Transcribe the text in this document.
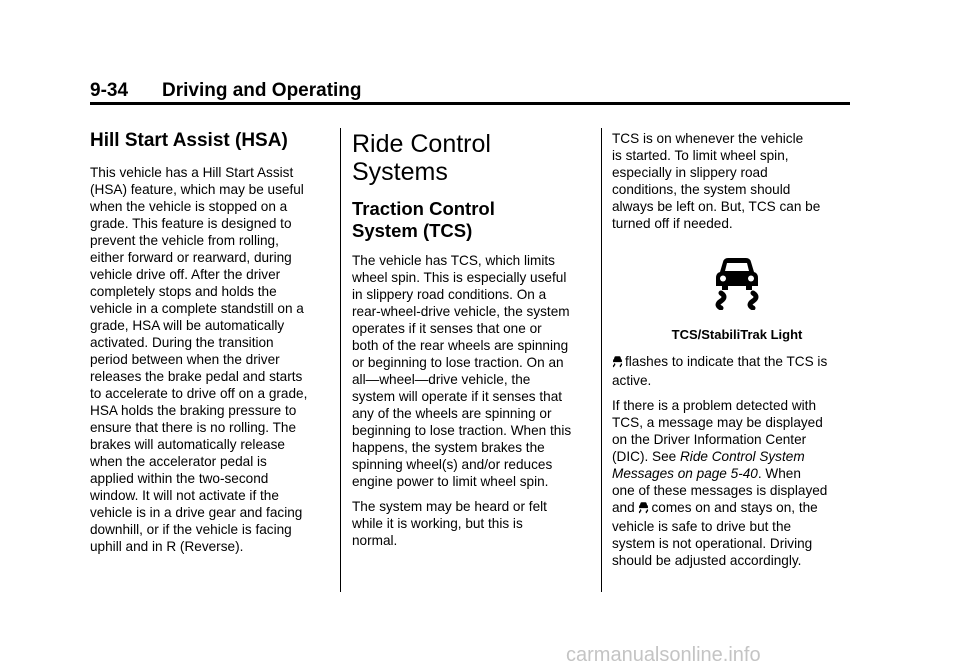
9-34 Driving and Operating
Hill Start Assist (HSA)

This vehicle has a Hill Start Assist
(HSA) feature, which may be useful
when the vehicle is stopped on a
grade. This feature is designed to
prevent the vehicle from rolling,
either forward or rearward, during
vehicle drive off. After the driver
completely stops and holds the
vehicle in a complete standstill on a
grade, HSA will be automatically
activated. During the transition
period between when the driver
releases the brake pedal and starts
to accelerate to drive off on a grade,
HSA holds the braking pressure to
ensure that there is no rolling. The
brakes will automatically release
when the accelerator pedal is
applied within the two-second
window. It will not activate if the
vehicle is in a drive gear and facing
downhill, or if the vehicle is facing
uphill and in R (Reverse).

Ride Control Systems
Traction Control
System (TCS)

The vehicle has TCS, which limits
wheel spin. This is especially useful
in slippery road conditions. On a
rear-wheel-drive vehicle, the system
operates if it senses that one or
both of the rear wheels are spinning
or beginning to lose traction. On an
all—wheel—drive vehicle, the
system will operate if it senses that
any of the wheels are spinning or
beginning to lose traction. When this
happens, the system brakes the
spinning wheel(s) and/or reduces
engine power to limit wheel spin.

The system may be heard or felt
while it is working, but this is
normal.

TCS is on whenever the vehicle
is started. To limit wheel spin,
especially in slippery road
conditions, the system should
always be left on. But, TCS can be
turned off if needed.

TCS/StabiliTrak Light

flashes to indicate that the TCS is
active.

If there is a problem detected with
TCS, a message may be displayed
on the Driver Information Center
(DIC). See Ride Control System
Messages on page 5-40. When
one of these messages is displayed
and comes on and stays on, the
vehicle is safe to drive but the
system is not operational. Driving
should be adjusted accordingly.

carmanualsonline.info
